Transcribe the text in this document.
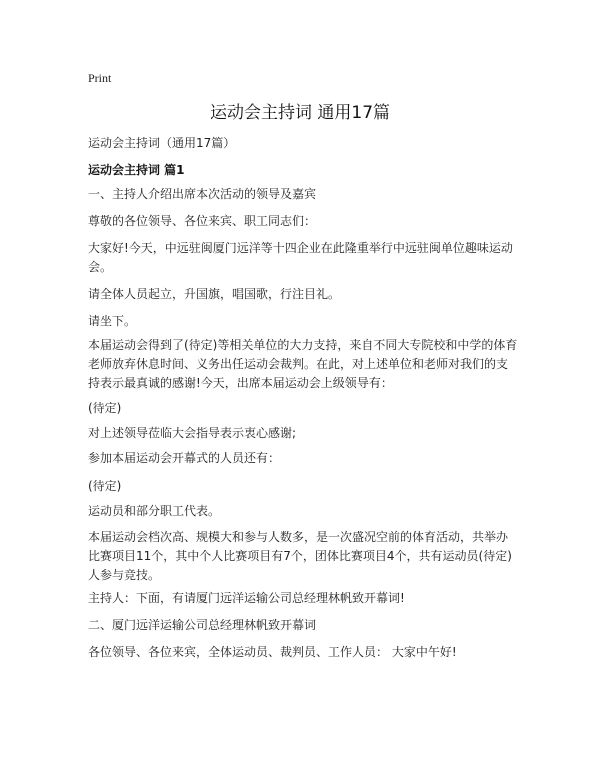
Print
运动会主持词 通用17篇
运动会主持词（通用17篇）
运动会主持词 篇1

一、主持人介绍出席本次活动的领导及嘉宾

尊敬的各位领导、各位来宾、职工同志们：

大家好!今天，中远驻闽厦门远洋等十四企业在此隆重举行中远驻闽单位趣味运动会。

请全体人员起立，升国旗，唱国歌，行注目礼。

请坐下。

本届运动会得到了(待定)等相关单位的大力支持，来自不同大专院校和中学的体育老师放弃休息时间、义务出任运动会裁判。在此，对上述单位和老师对我们的支持表示最真诚的感谢!今天，出席本届运动会上级领导有：

(待定)

对上述领导莅临大会指导表示衷心感谢;

参加本届运动会开幕式的人员还有：

(待定)

运动员和部分职工代表。

本届运动会档次高、规模大和参与人数多，是一次盛况空前的体育活动，共举办比赛项目11个，其中个人比赛项目有7个，团体比赛项目4个，共有运动员(待定)人参与竞技。

主持人：下面，有请厦门远洋运输公司总经理林帆致开幕词!

二、厦门远洋运输公司总经理林帆致开幕词

各位领导、各位来宾，全体运动员、裁判员、工作人员： 大家中午好!
